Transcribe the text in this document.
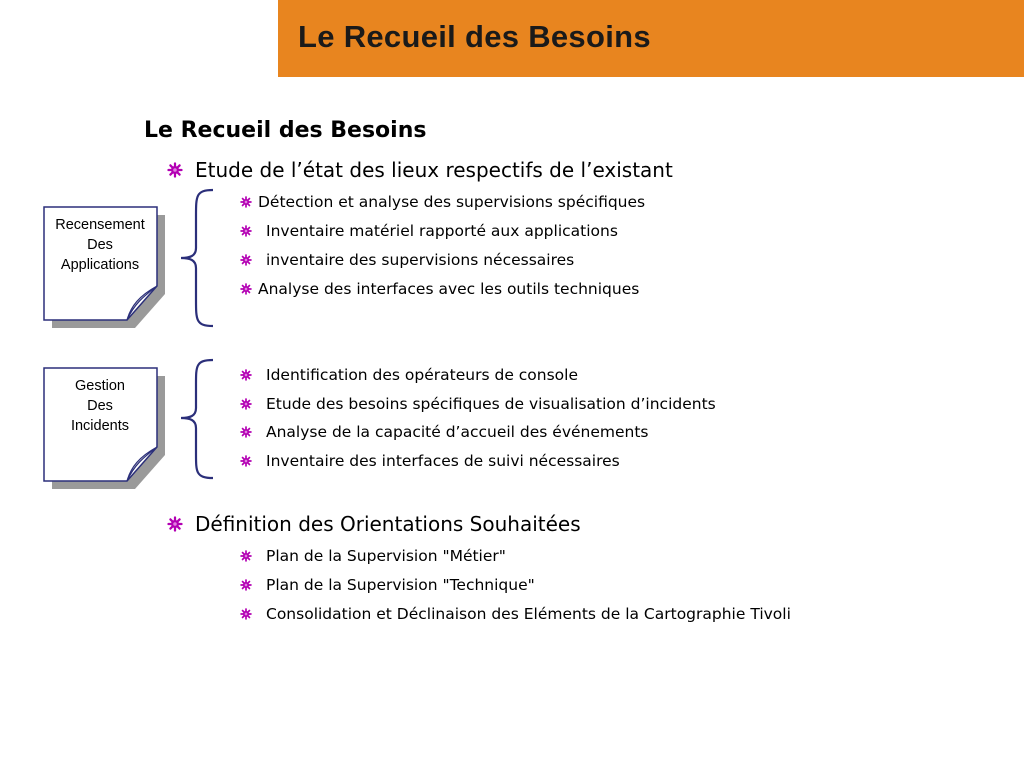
Le Recueil des Besoins
Le Recueil des Besoins
Etude de l’état des lieux respectifs de l’existant
Détection et analyse des supervisions spécifiques
Inventaire matériel rapporté aux applications
inventaire des supervisions nécessaires
Analyse des interfaces avec les outils techniques
Identification des opérateurs de console
Etude des besoins spécifiques de visualisation d’incidents
Analyse de la capacité d’accueil des événements
Inventaire des interfaces de suivi nécessaires
Définition des Orientations Souhaitées
Plan de la Supervision "Métier"
Plan de la Supervision "Technique"
Consolidation et Déclinaison des Eléments de la Cartographie Tivoli
Recensement
Des
Applications
Gestion
Des
Incidents
